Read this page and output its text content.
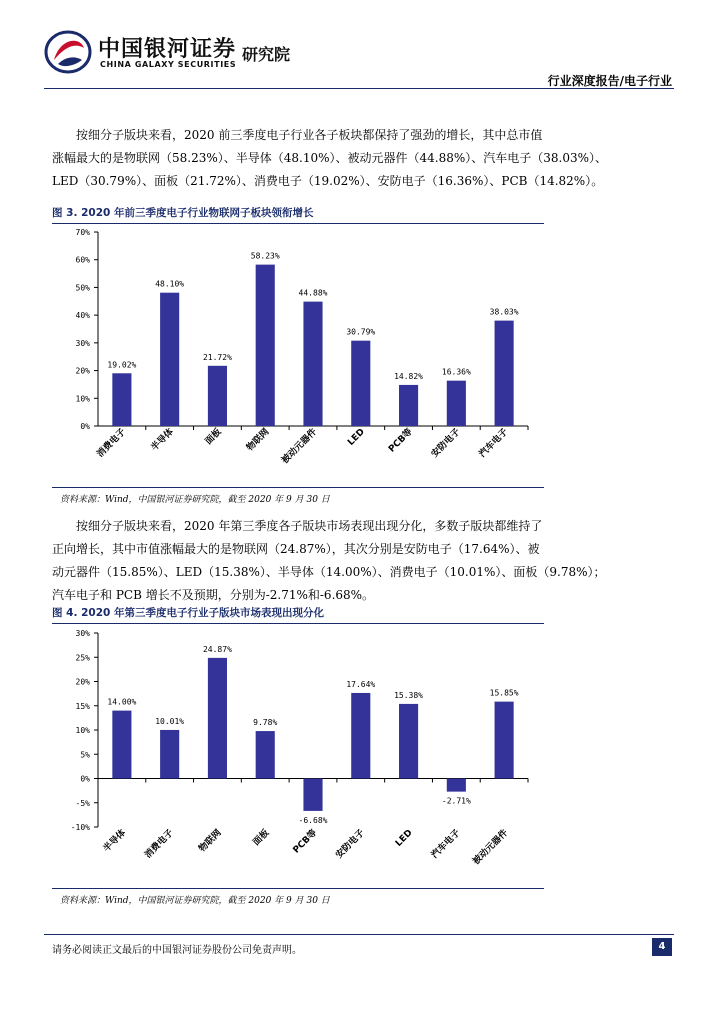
中国银河证券
CHINA GALAXY SECURITIES
研究院
行业深度报告/电子行业

按细分子版块来看，2020 前三季度电子行业各子板块都保持了强劲的增长，其中总市值

涨幅最大的是物联网（58.23%）、半导体（48.10%）、被动元器件（44.88%）、汽车电子（38.03%）、

LED（30.79%）、面板（21.72%）、消费电子（19.02%）、安防电子（16.36%）、PCB（14.82%）。

图 3. 2020 年前三季度电子行业物联网子板块领衔增长
0%
10%
20%
30%
40%
50%
60%
70%
19.02%
消费电子
48.10%
半导体
21.72%
面板
58.23%
物联网
44.88%
被动元器件
30.79%
LED
14.82%
PCB等
16.36%
安防电子
38.03%
汽车电子
资料来源：Wind，中国银河证券研究院，截至 2020 年 9 月 30 日

按细分子版块来看，2020 年第三季度各子版块市场表现出现分化，多数子版块都维持了

正向增长，其中市值涨幅最大的是物联网（24.87%），其次分别是安防电子（17.64%）、被

动元器件（15.85%）、LED（15.38%）、半导体（14.00%）、消费电子（10.01%）、面板（9.78%）；

汽车电子和 PCB 增长不及预期，分别为-2.71%和-6.68%。

图 4. 2020 年第三季度电子行业子版块市场表现出现分化
-10%
-5%
0%
5%
10%
15%
20%
25%
30%
14.00%
半导体
10.01%
消费电子
24.87%
物联网
9.78%
面板
-6.68%
PCB等
17.64%
安防电子
15.38%
LED
-2.71%
汽车电子
15.85%
被动元器件
资料来源：Wind，中国银河证券研究院，截至 2020 年 9 月 30 日
请务必阅读正文最后的中国银河证券股份公司免责声明。	4
